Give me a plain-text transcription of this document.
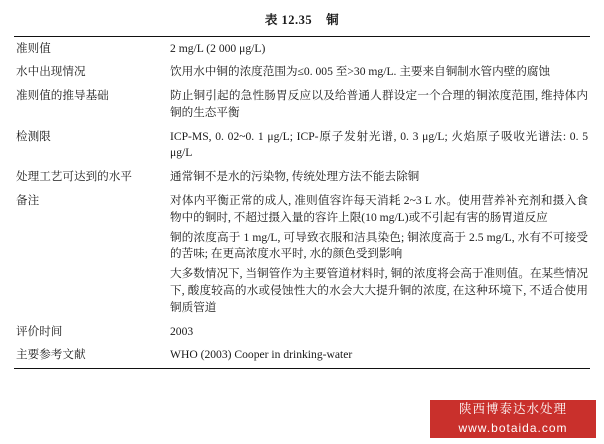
表 12.35 铜
准则值	2 mg/L (2 000 μg/L)

水中出现情况	饮用水中铜的浓度范围为≤0. 005 至>30 mg/L. 主要来自铜制水管内壁的腐蚀

准则值的推导基础	防止铜引起的急性肠胃反应以及给普通人群设定一个合理的铜浓度范围, 维持体内铜的生态平衡

检测限	ICP‐MS, 0. 02~0. 1 μg/L; ICP‐原子发射光谱, 0. 3 μg/L; 火焰原子吸收光谱法: 0. 5 μg/L

处理工艺可达到的水平	通常铜不是水的污染物, 传统处理方法不能去除铜

备注	对体内平衡正常的成人, 准则值容许每天消耗 2~3 L 水。使用营养补充剂和摄入食物中的铜时, 不超过摄入量的容许上限(10 mg/L)或不引起有害的肠胃道反应

铜的浓度高于 1 mg/L, 可导致衣服和洁具染色; 铜浓度高于 2.5 mg/L, 水有不可接受的苦味; 在更高浓度水平时, 水的颜色受到影响

大多数情况下, 当铜管作为主要管道材料时, 铜的浓度将会高于准则值。在某些情况下, 酸度较高的水或侵蚀性大的水会大大提升铜的浓度, 在这种环境下, 不适合使用铜质管道

评价时间	2003

主要参考文献	WHO (2003) Cooper in drinking‐water

陕西博泰达水处理
www.botaida.com
